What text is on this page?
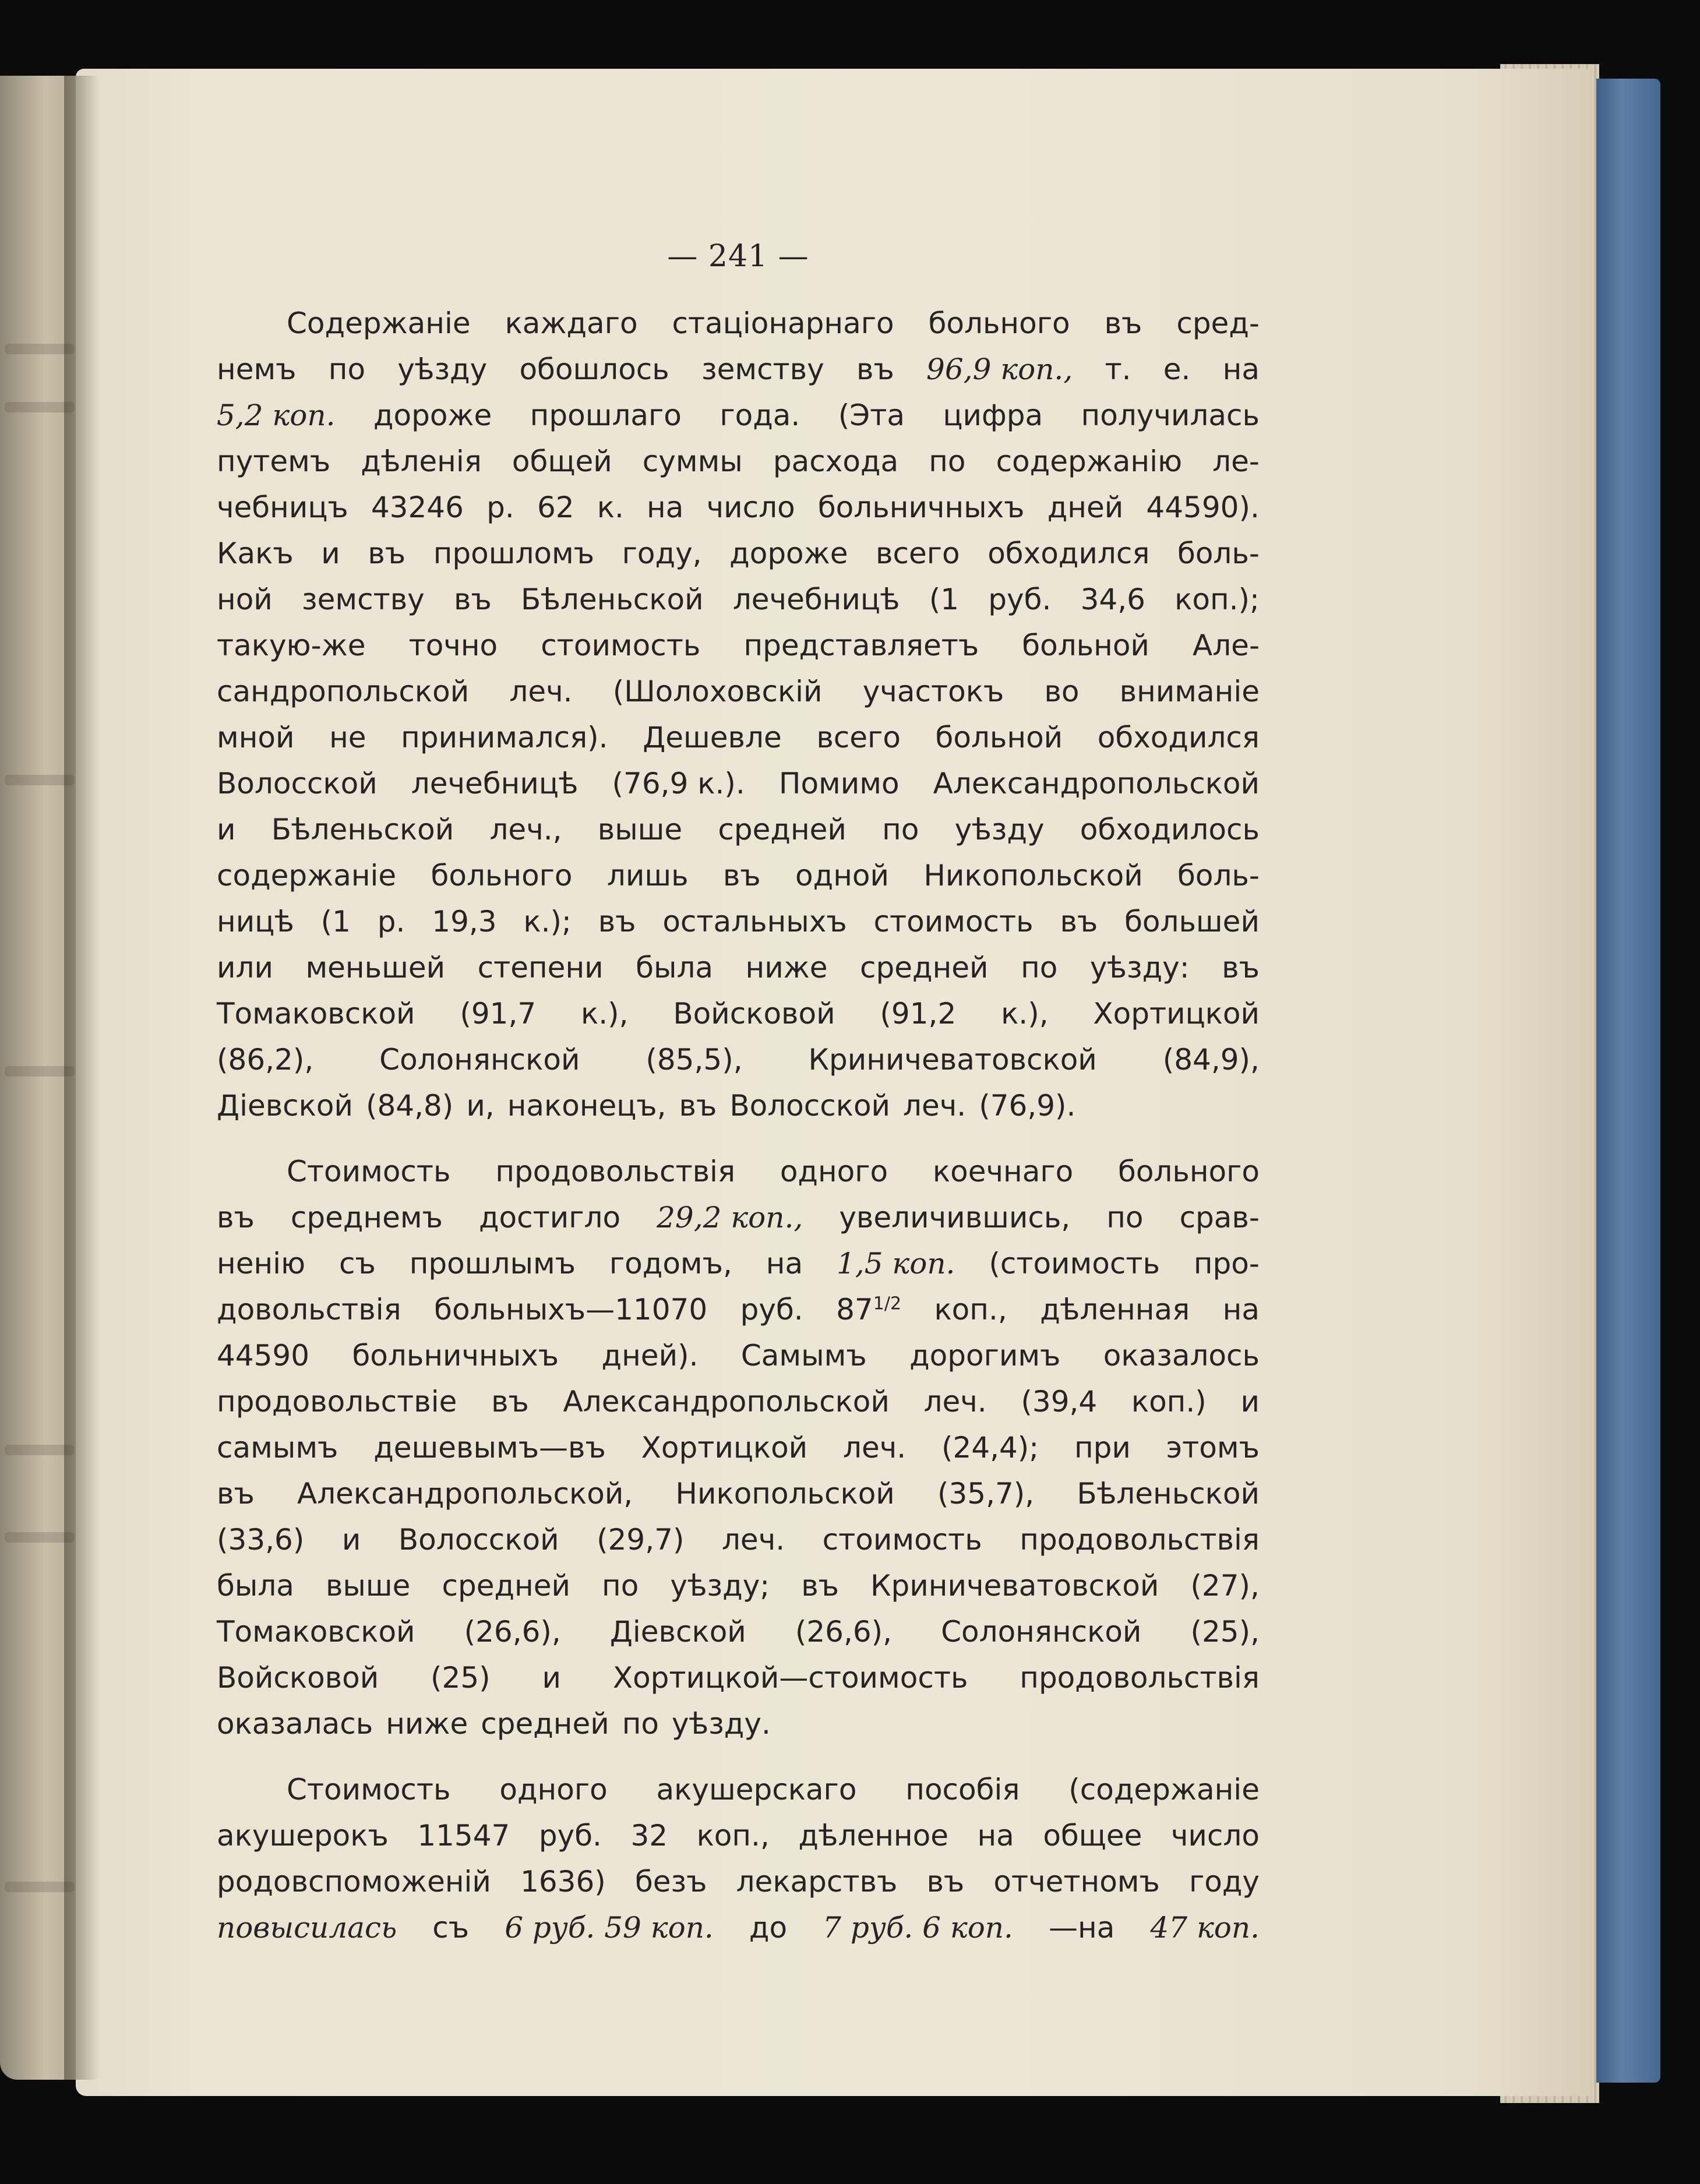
— 241 —
Содержаніе каждаго стаціонарнаго больного въ сред-
немъ по уѣзду обошлось земству въ 96,9 коп., т. е. на
5,2 коп. дороже прошлаго года. (Эта цифра получилась
путемъ дѣленія общей суммы расхода по содержанію ле-
чебницъ 43246 р. 62 к. на число больничныхъ дней 44590).
Какъ и въ прошломъ году, дороже всего обходился боль-
ной земству въ Бѣленьской лечебницѣ (1 руб. 34,6 коп.);
такую-же точно стоимость представляетъ больной Але-
сандропольской леч. (Шолоховскій участокъ во вниманіе
мной не принимался). Дешевле всего больной обходился
Волосской лечебницѣ (76,9 к.). Помимо Александропольской
и Бѣленьской леч., выше средней по уѣзду обходилось
содержаніе больного лишь въ одной Никопольской боль-
ницѣ (1 р. 19,3 к.); въ остальныхъ стоимость въ большей
или меньшей степени была ниже средней по уѣзду: въ
Томаковской (91,7 к.), Войсковой (91,2 к.), Хортицкой
(86,2), Солонянской (85,5), Криничеватовской (84,9),
Діевской (84,8) и, наконецъ, въ Волосской леч. (76,9).
Стоимость продовольствія одного коечнаго больного
въ среднемъ достигло 29,2 коп., увеличившись, по срав-
ненію съ прошлымъ годомъ, на 1,5 коп. (стоимость про-
довольствія больныхъ—11070 руб. $87^{1/2}$ коп., дѣленная на
44590 больничныхъ дней). Самымъ дорогимъ оказалось
продовольствіе въ Александропольской леч. (39,4 коп.) и
самымъ дешевымъ—въ Хортицкой леч. (24,4); при этомъ
въ Александропольской, Никопольской (35,7), Бѣленьской
(33,6) и Волосской (29,7) леч. стоимость продовольствія
была выше средней по уѣзду; въ Криничеватовской (27),
Томаковской (26,6), Діевской (26,6), Солонянской (25),
Войсковой (25) и Хортицкой—стоимость продовольствія
оказалась ниже средней по уѣзду.
Стоимость одного акушерскаго пособія (содержаніе
акушерокъ 11547 руб. 32 коп., дѣленное на общее число
родовспоможеній 1636) безъ лекарствъ въ отчетномъ году
повысилась съ 6 руб. 59 коп. до 7 руб. 6 коп. —на 47 коп.
